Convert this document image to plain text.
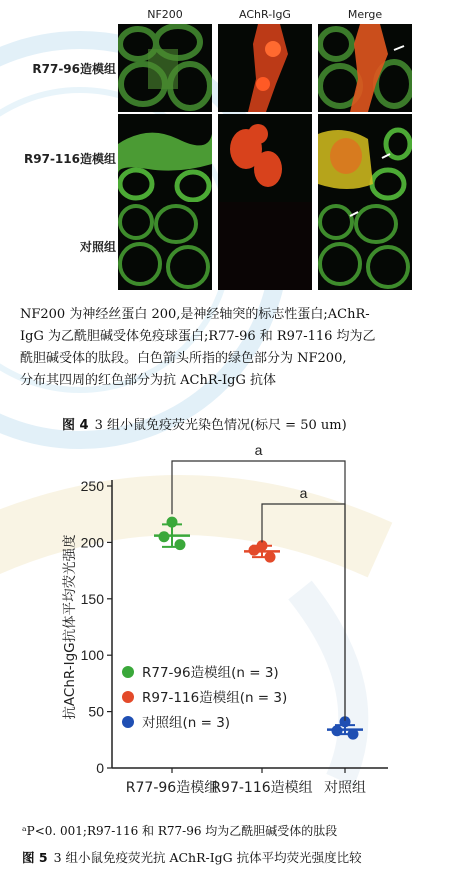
NF200	AChR-IgG	Merge
R77-96造模组
R97-116造模组
对照组
NF200 为神经丝蛋白 200,是神经轴突的标志性蛋白;AChR-
IgG 为乙酰胆碱受体免疫球蛋白;R77-96 和 R97-116 均为乙
酰胆碱受体的肽段。白色箭头所指的绿色部分为 NF200,
分布其四周的红色部分为抗 AChR-IgG 抗体
图 4 3 组小鼠免疫荧光染色情况(标尺 = 50 um)
0
50
100
150
200
250
抗AChR-IgG抗体平均荧光强度
R77-96造模组
R97-116造模组 对照组
a
a
R77-96造模组(n = 3)
R97-116造模组(n = 3)
对照组(n = 3)
ᵃP<0. 001;R97-116 和 R77-96 均为乙酰胆碱受体的肽段
图 5 3 组小鼠免疫荧光抗 AChR-IgG 抗体平均荧光强度比较
